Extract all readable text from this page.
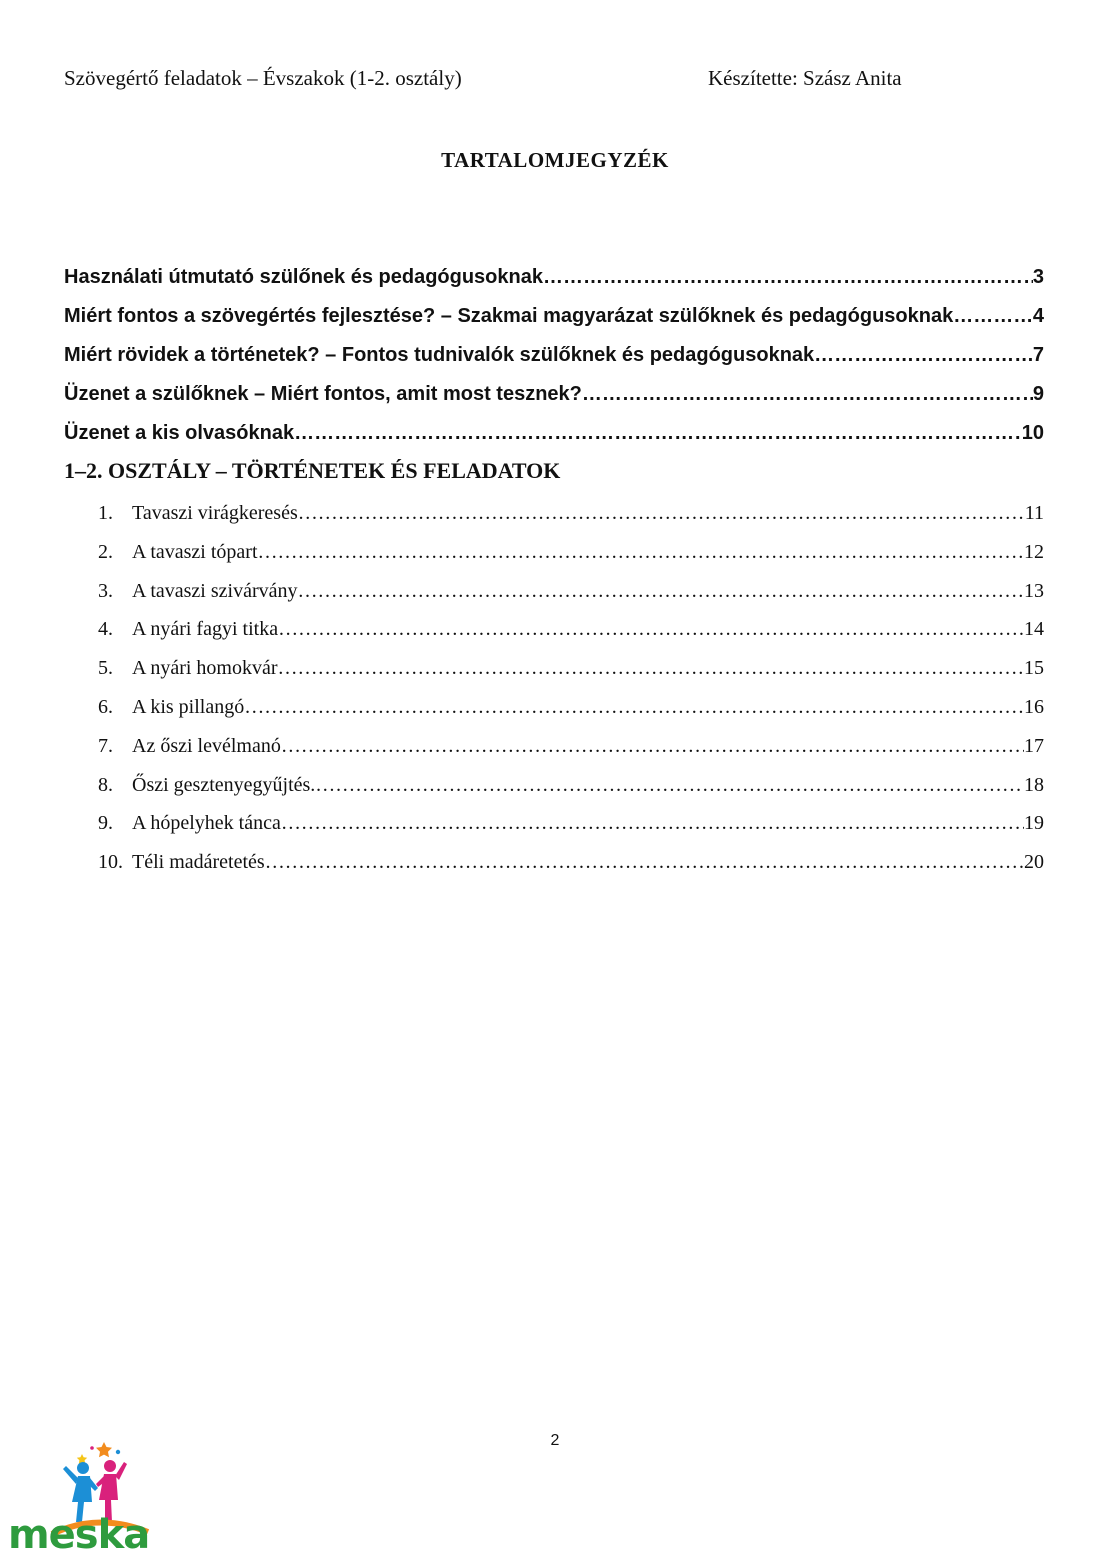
Szövegértő feladatok – Évszakok (1-2. osztály)	Készítette: Szász Anita
TARTALOMJEGYZÉK
Használati útmutató szülőnek és pedagógusoknak……… …………………………………………………………………………………………………………………………………………………………	3
Miért fontos a szövegértés fejlesztése? – Szakmai magyarázat szülőknek és pedagógusoknak …………………………………………………………………………………………………………………………………………………………	4
Miért rövidek a történetek? – Fontos tudnivalók szülőknek és pedagógusoknak …………………………………………………………………………………………………………………………………………………………	7
Üzenet a szülőknek – Miért fontos, amit most tesznek? …………………………………………………………………………………………………………………………………………………………	9
Üzenet a kis olvasóknak …………………………………………………………………………………………………………………………………………………………	10
1–2. OSZTÁLY – TÖRTÉNETEK ÉS FELADATOK
1. Tavaszi virágkeresés ……………………………………………………………………………………………………………………………………………………………	11
2. A tavaszi tópart ……………………………………………………………………………………………………………………………………………………………	12
3. A tavaszi szivárvány ……………………………………………………………………………………………………………………………………………………………	13
4. A nyári fagyi titka ……………………………………………………………………………………………………………………………………………………………	14
5. A nyári homokvár ……………………………………………………………………………………………………………………………………………………………	15
6. A kis pillangó ……………………………………………………………………………………………………………………………………………………………	16
7. Az őszi levélmanó ……………………………………………………………………………………………………………………………………………………………	17
8. Őszi gesztenyegyűjtés. ……………………………………………………………………………………………………………………………………………………………	18
9. A hópelyhek tánca ……………………………………………………………………………………………………………………………………………………………	19
10. Téli madáretetés ……………………………………………………………………………………………………………………………………………………………	20
2
meska
